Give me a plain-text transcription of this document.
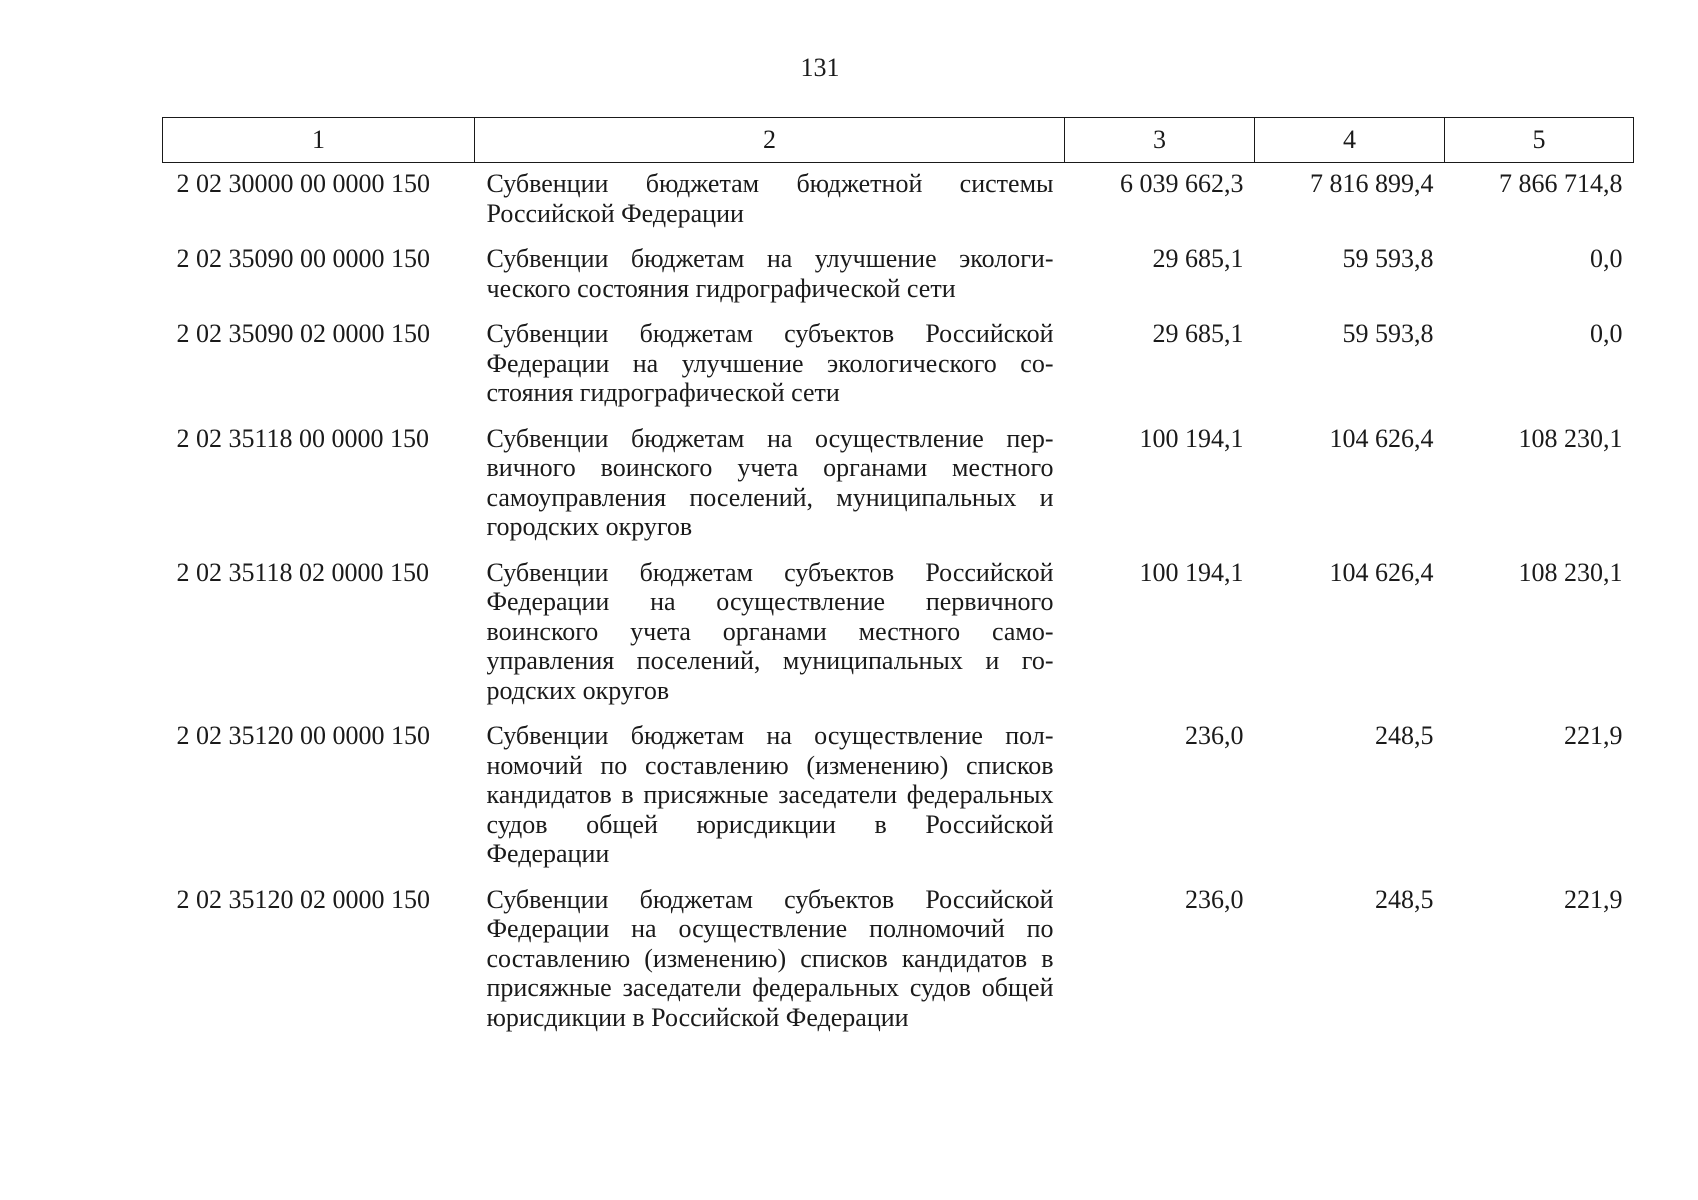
131
1	2	3	4	5
2 02 30000 00 0000 150	Субвенции бюджетам бюджетной системы Российской Федерации	6 039 662,3	7 816 899,4	7 866 714,8
2 02 35090 00 0000 150	Субвенции бюджетам на улучшение экологического состояния гидрографической сети	29 685,1	59 593,8	0,0
2 02 35090 02 0000 150	Субвенции бюджетам субъектов Российской Федерации на улучшение экологического состояния гидрографической сети	29 685,1	59 593,8	0,0
2 02 35118 00 0000 150	Субвенции бюджетам на осуществление первичного воинского учета органами местного самоуправления поселений, муниципальных и городских округов	100 194,1	104 626,4	108 230,1
2 02 35118 02 0000 150	Субвенции бюджетам субъектов Российской Федерации на осуществление первичного воинского учета органами местного самоуправления поселений, муниципальных и городских округов	100 194,1	104 626,4	108 230,1
2 02 35120 00 0000 150	Субвенции бюджетам на осуществление полномочий по составлению (изменению) списков кандидатов в присяжные заседатели федеральных судов общей юрисдикции в Российской Федерации	236,0	248,5	221,9
2 02 35120 02 0000 150	Субвенции бюджетам субъектов Российской Федерации на осуществление полномочий по составлению (изменению) списков кандидатов в присяжные заседатели федеральных судов общей юрисдикции в Российской Федерации	236,0	248,5	221,9
